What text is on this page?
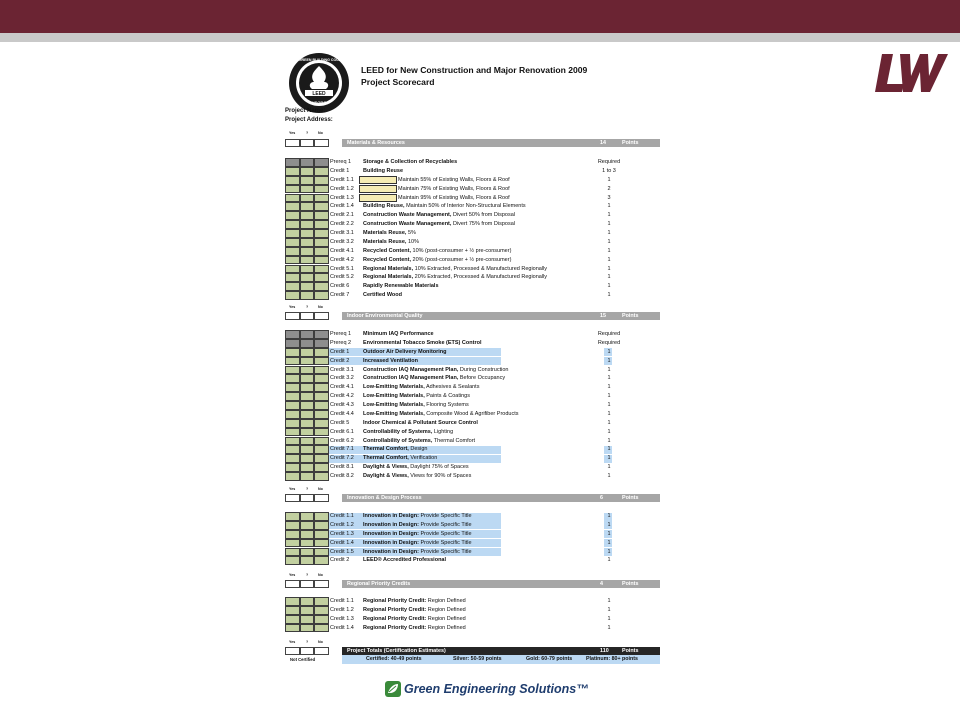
LEED
USGBC
U.S. GREEN BUILDING COUNCIL
LEED for New Construction and Major Renovation 2009
Project Scorecard
Project Name:
Project Address:
Yes	?	No
Materials & Resources	14	Points
Prereq 1 Storage & Collection of Recyclables	Required
Credit 1 Building Reuse	1 to 3
Credit 1.1	Maintain 55% of Existing Walls, Floors & Roof	1
Credit 1.2	Maintain 75% of Existing Walls, Floors & Roof	2
Credit 1.3	Maintain 95% of Existing Walls, Floors & Roof	3
Credit 1.4 Building Reuse, Maintain 50% of Interior Non-Structural Elements	1
Credit 2.1 Construction Waste Management, Divert 50% from Disposal	1
Credit 2.2 Construction Waste Management, Divert 75% from Disposal	1
Credit 3.1 Materials Reuse, 5%	1
Credit 3.2 Materials Reuse, 10%	1
Credit 4.1 Recycled Content, 10% (post-consumer + ½ pre-consumer)	1
Credit 4.2 Recycled Content, 20% (post-consumer + ½ pre-consumer)	1
Credit 5.1 Regional Materials, 10% Extracted, Processed & Manufactured Regionally	1
Credit 5.2 Regional Materials, 20% Extracted, Processed & Manufactured Regionally	1
Credit 6 Rapidly Renewable Materials	1
Credit 7 Certified Wood	1
Yes	?	No
Indoor Environmental Quality	15	Points
Prereq 1 Minimum IAQ Performance	Required
Prereq 2 Environmental Tobacco Smoke (ETS) Control	Required
Credit 1 Outdoor Air Delivery Monitoring	1
Credit 2 Increased Ventilation	1
Credit 3.1 Construction IAQ Management Plan, During Construction	1
Credit 3.2 Construction IAQ Management Plan, Before Occupancy	1
Credit 4.1 Low-Emitting Materials, Adhesives & Sealants	1
Credit 4.2 Low-Emitting Materials, Paints & Coatings	1
Credit 4.3 Low-Emitting Materials, Flooring Systems	1
Credit 4.4 Low-Emitting Materials, Composite Wood & Agrifiber Products	1
Credit 5 Indoor Chemical & Pollutant Source Control	1
Credit 6.1 Controllability of Systems, Lighting	1
Credit 6.2 Controllability of Systems, Thermal Comfort	1
Credit 7.1 Thermal Comfort, Design	1
Credit 7.2 Thermal Comfort, Verification	1
Credit 8.1 Daylight & Views, Daylight 75% of Spaces	1
Credit 8.2 Daylight & Views, Views for 90% of Spaces	1
Yes	?	No
Innovation & Design Process	6	Points
Credit 1.1 Innovation in Design: Provide Specific Title	1
Credit 1.2 Innovation in Design: Provide Specific Title	1
Credit 1.3 Innovation in Design: Provide Specific Title	1
Credit 1.4 Innovation in Design: Provide Specific Title	1
Credit 1.5 Innovation in Design: Provide Specific Title	1
Credit 2 LEED® Accredited Professional	1
Yes	?	No
Regional Priority Credits	4	Points
Credit 1.1 Regional Priority Credit: Region Defined	1
Credit 1.2 Regional Priority Credit: Region Defined	1
Credit 1.3 Regional Priority Credit: Region Defined	1
Credit 1.4 Regional Priority Credit: Region Defined	1
Yes	?	No
Project Totals (Certification Estimates)	110 Points
Not Certified	Certified: 40-49 points	Silver: 50-59 points	Gold: 60-79 points	Platinum: 80+ points
Green Engineering Solutions™
